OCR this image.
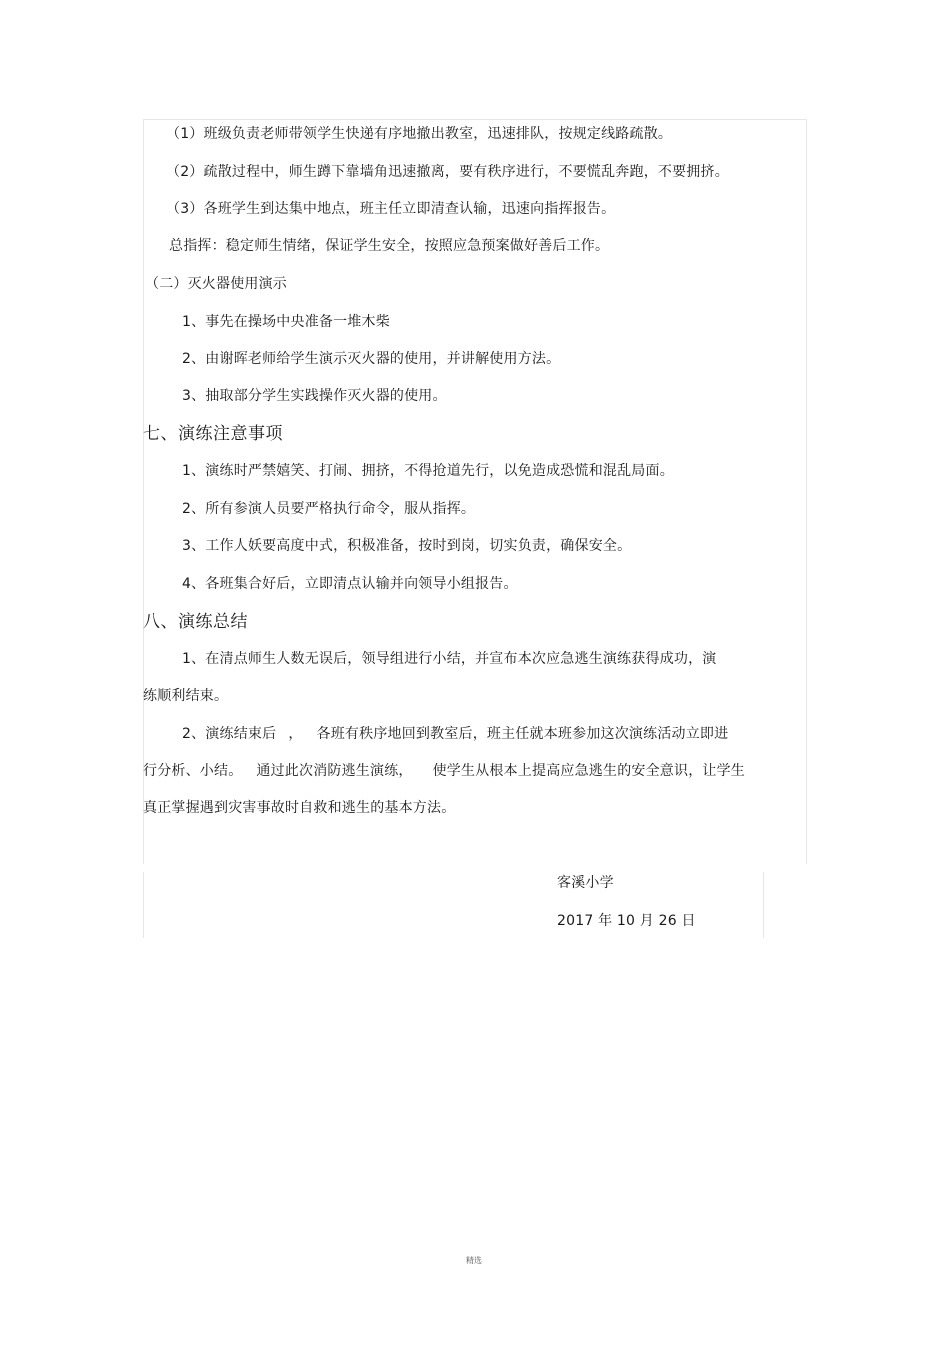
（1）班级负责老师带领学生快递有序地撤出教室，迅速排队，按规定线路疏散。
（2）疏散过程中，师生蹲下靠墙角迅速撤离，要有秩序进行，不要慌乱奔跑，不要拥挤。
（3）各班学生到达集中地点，班主任立即清查认输，迅速向指挥报告。
总指挥：稳定师生情绪，保证学生安全，按照应急预案做好善后工作。
（二）灭火器使用演示
1、事先在操场中央准备一堆木柴
2、由谢晖老师给学生演示灭火器的使用，并讲解使用方法。
3、抽取部分学生实践操作灭火器的使用。
七、演练注意事项
1、演练时严禁嬉笑、打闹、拥挤，不得抢道先行，以免造成恐慌和混乱局面。
2、所有参演人员要严格执行命令，服从指挥。
3、工作人妖要高度中式，积极准备，按时到岗，切实负责，确保安全。
4、各班集合好后，立即清点认输并向领导小组报告。
八、演练总结
1、在清点师生人数无误后，领导组进行小结，并宣布本次应急逃生演练获得成功，演
练顺利结束。
2、演练结束后 ， 各班有秩序地回到教室后，班主任就本班参加这次演练活动立即进
行分析、小结。 通过此次消防逃生演练， 使学生从根本上提高应急逃生的安全意识，让学生
真正掌握遇到灾害事故时自救和逃生的基本方法。
客溪小学
2017 年 10 月 26 日
精选
